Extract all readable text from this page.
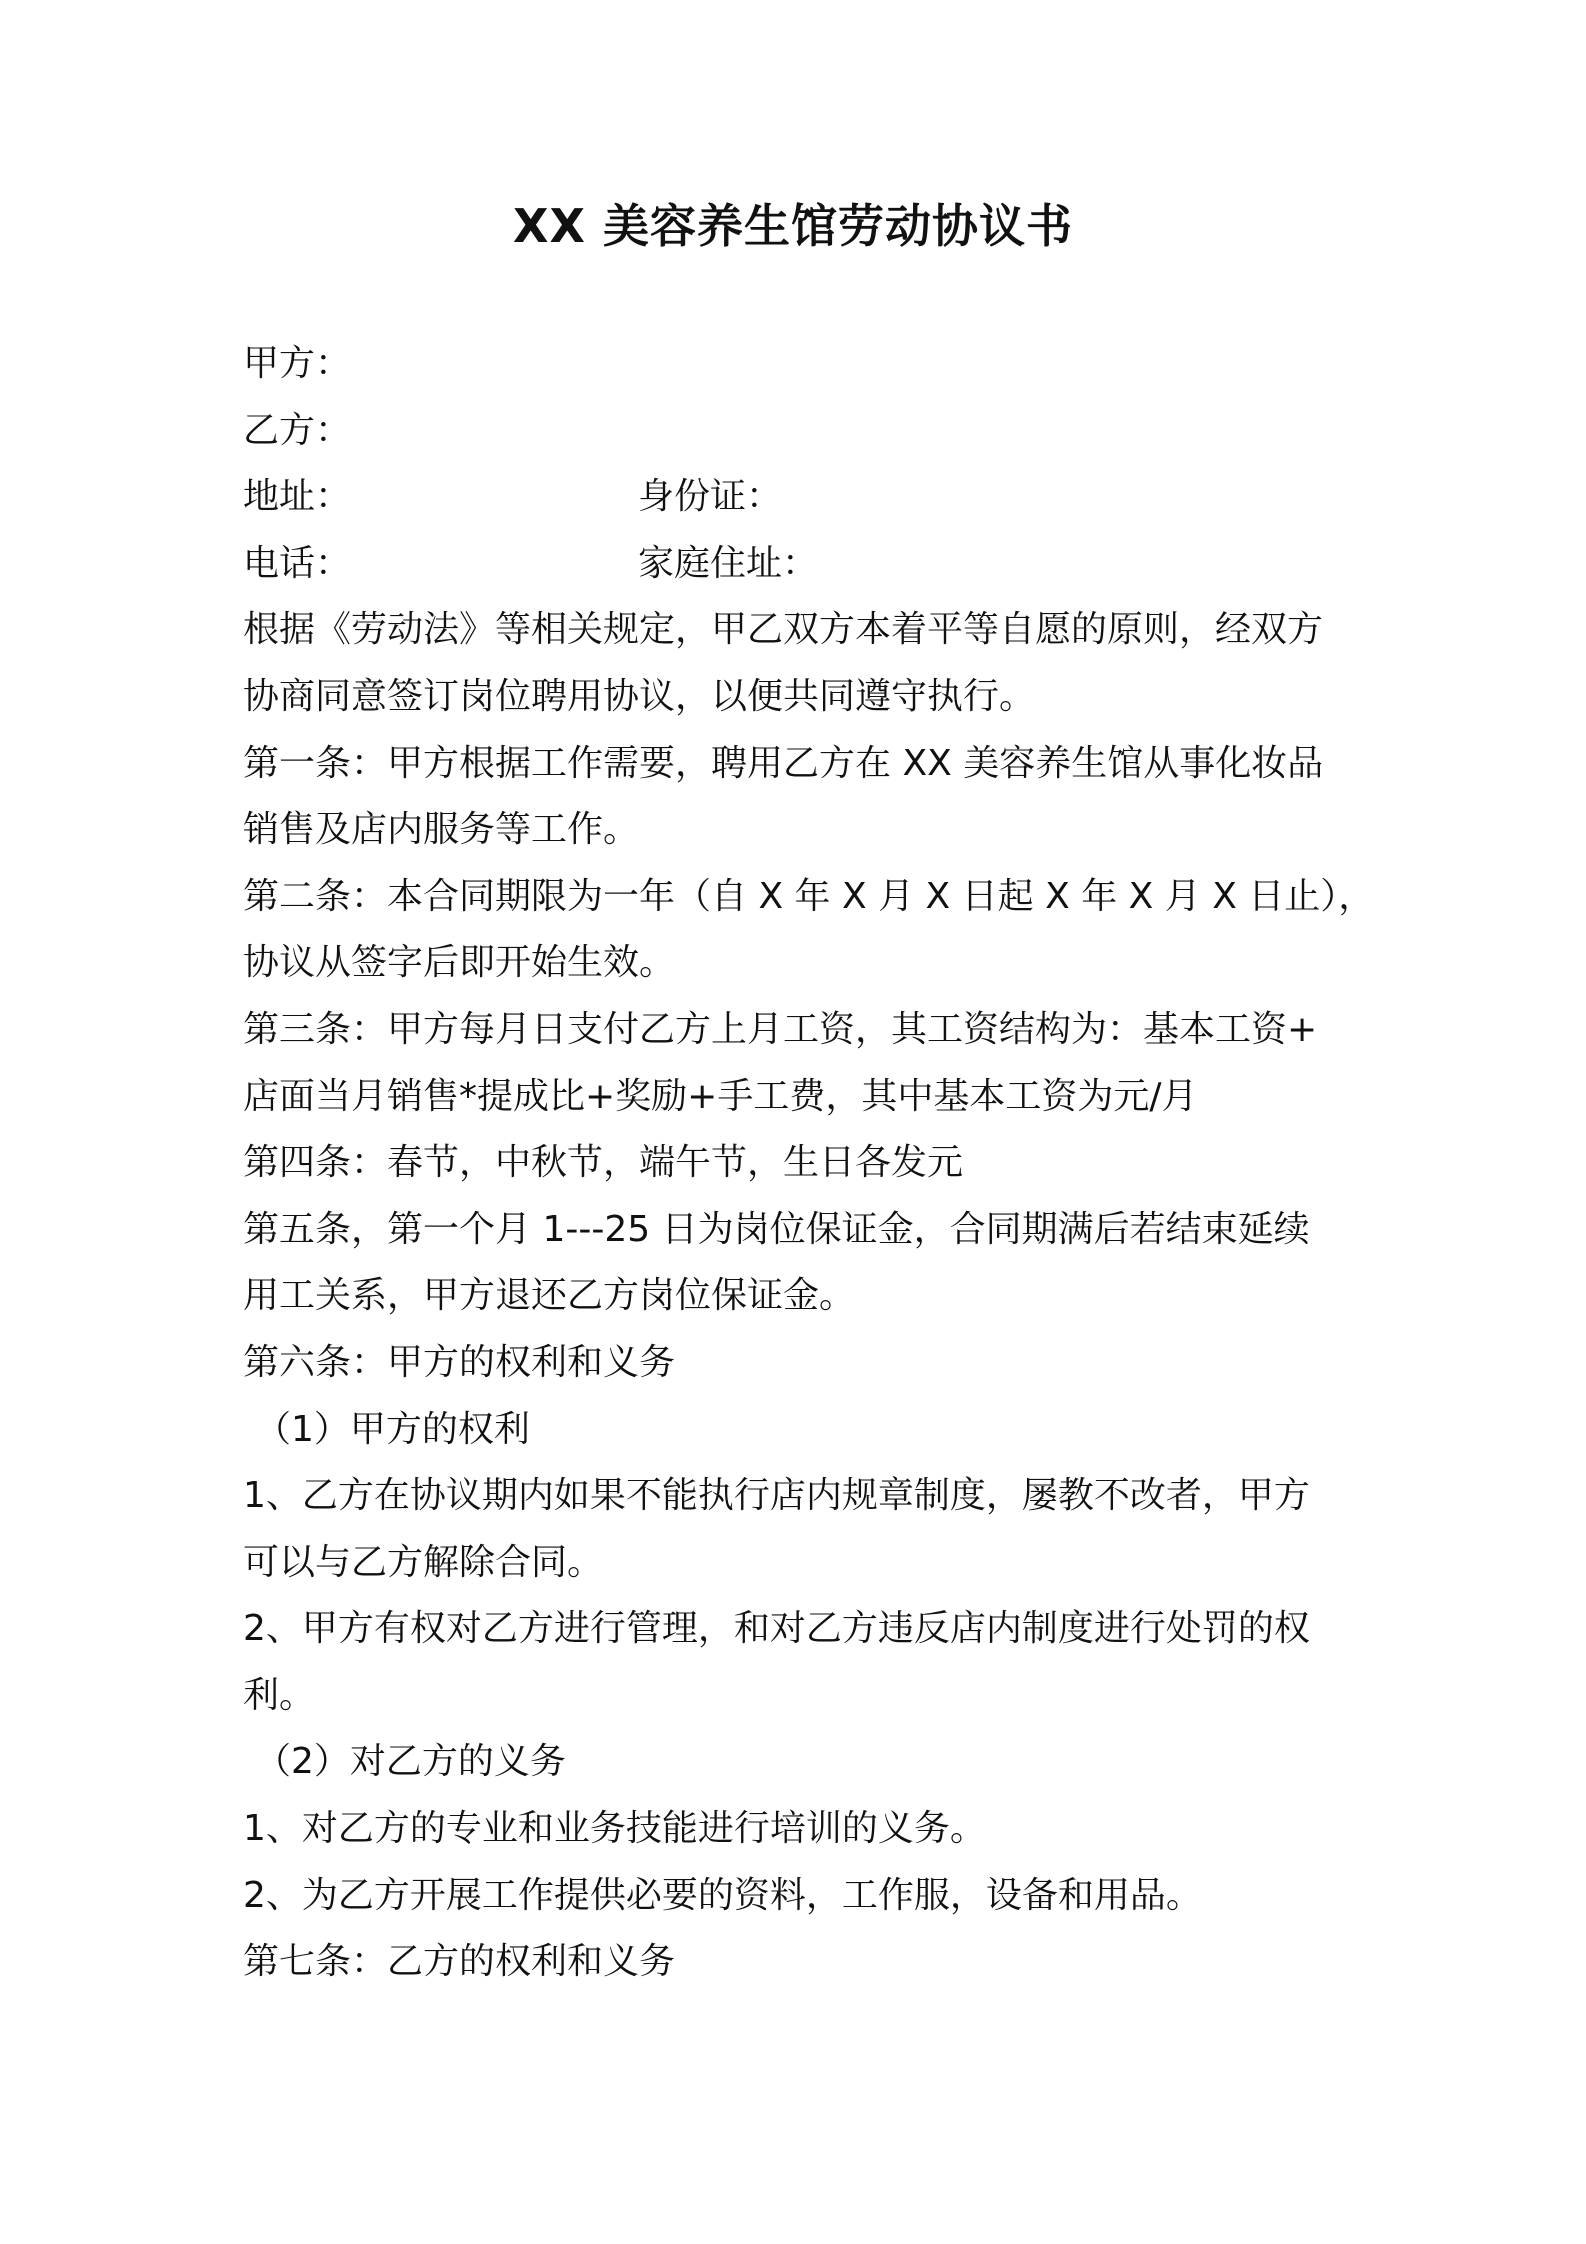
XX 美容养生馆劳动协议书
甲方：
乙方：
地址：	身份证：
电话：	家庭住址：
根据《劳动法》等相关规定，甲乙双方本着平等自愿的原则，经双方
协商同意签订岗位聘用协议，以便共同遵守执行。
第一条：甲方根据工作需要，聘用乙方在 XX 美容养生馆从事化妆品
销售及店内服务等工作。
第二条：本合同期限为一年（自 X 年 X 月 X 日起 X 年 X 月 X 日止），
协议从签字后即开始生效。
第三条：甲方每月日支付乙方上月工资，其工资结构为：基本工资+
店面当月销售*提成比+奖励+手工费，其中基本工资为元/月
第四条：春节，中秋节，端午节，生日各发元
第五条，第一个月 1---25 日为岗位保证金，合同期满后若结束延续
用工关系，甲方退还乙方岗位保证金。
第六条：甲方的权利和义务
（1）甲方的权利
1、乙方在协议期内如果不能执行店内规章制度，屡教不改者，甲方
可以与乙方解除合同。
2、甲方有权对乙方进行管理，和对乙方违反店内制度进行处罚的权
利。
（2）对乙方的义务
1、对乙方的专业和业务技能进行培训的义务。
2、为乙方开展工作提供必要的资料，工作服，设备和用品。
第七条：乙方的权利和义务
